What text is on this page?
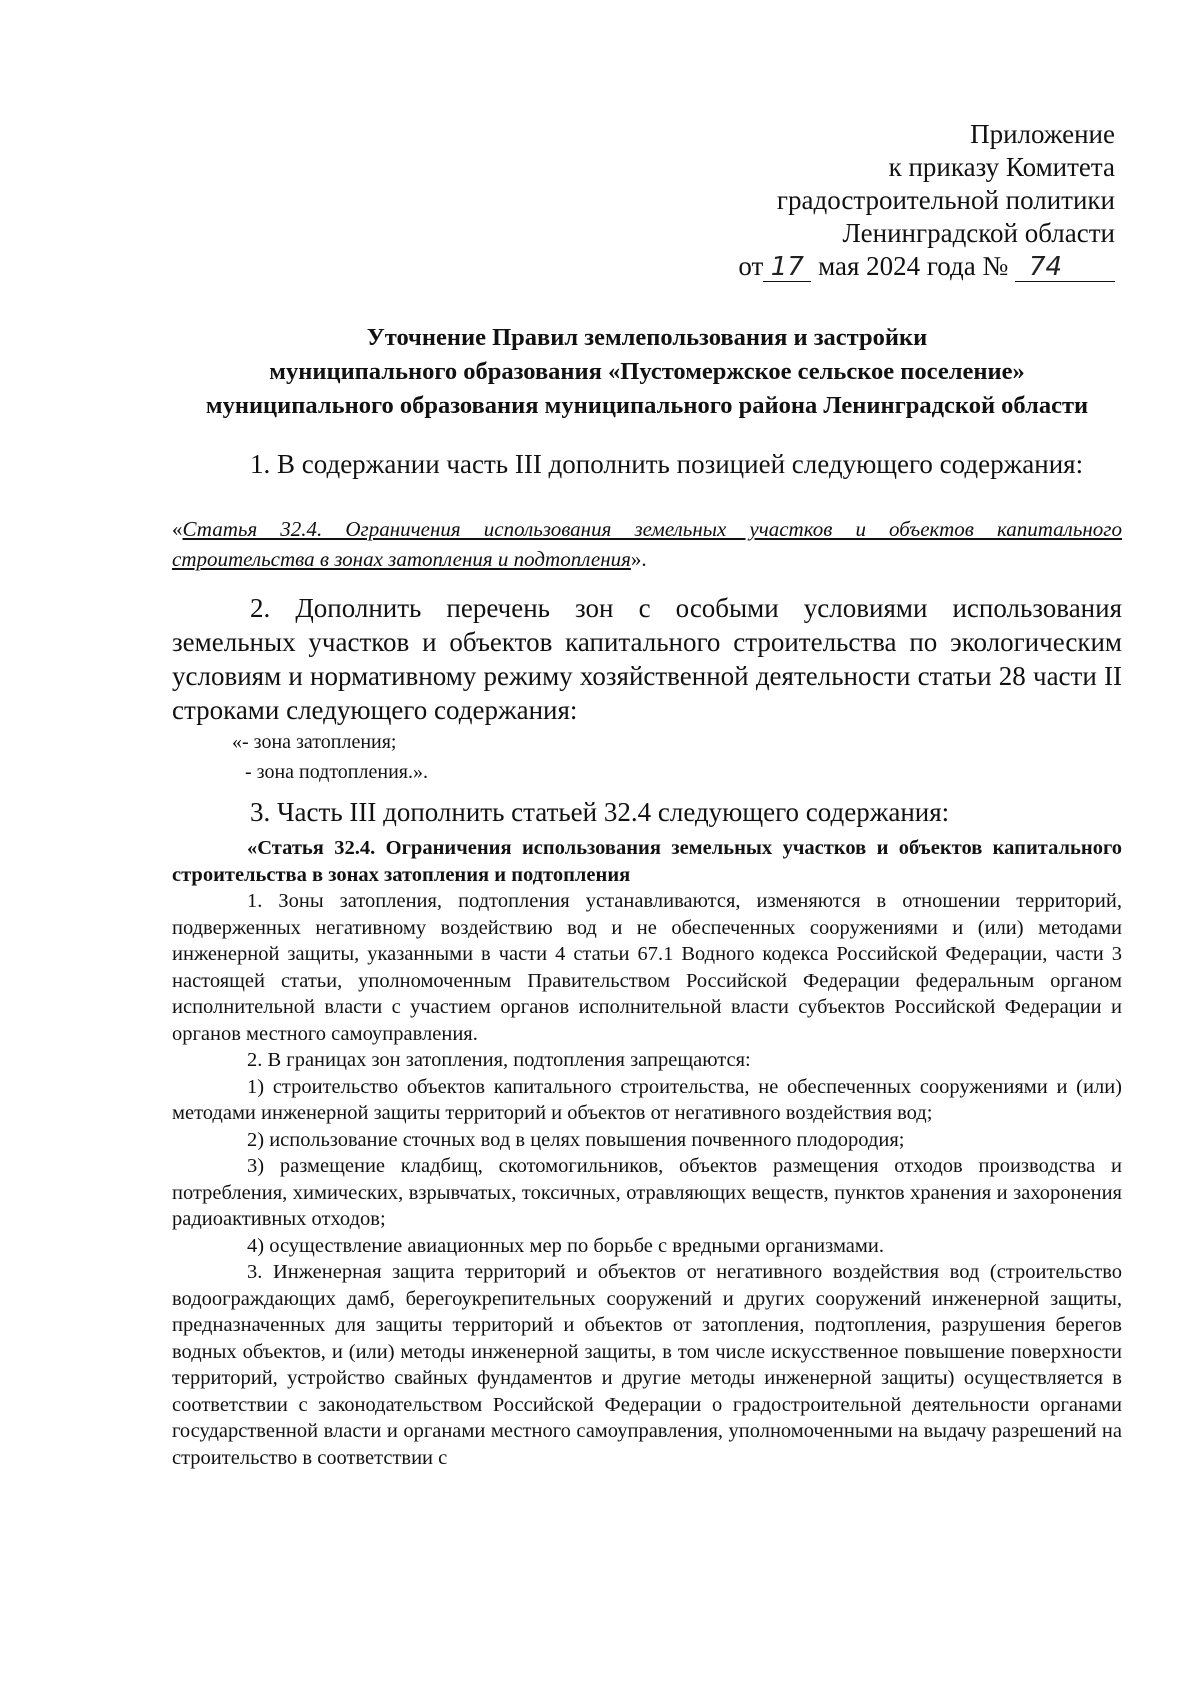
Приложение
к приказу Комитета
градостроительной политики
Ленинградской области
от 17 мая 2024 года № 74
Уточнение Правил землепользования и застройки
муниципального образования «Пустомержское сельское поселение»
муниципального образования муниципального района Ленинградской области
1. В содержании часть III дополнить позицией следующего содержания:
«Статья 32.4. Ограничения использования земельных участков и объектов капитального строительства в зонах затопления и подтопления».
2. Дополнить перечень зон с особыми условиями использования земельных участков и объектов капитального строительства по экологическим условиям и нормативному режиму хозяйственной деятельности статьи 28 части II строками следующего содержания:
«- зона затопления;
- зона подтопления.».
3. Часть III дополнить статьей 32.4 следующего содержания:

«Статья 32.4. Ограничения использования земельных участков и объектов капитального строительства в зонах затопления и подтопления

1. Зоны затопления, подтопления устанавливаются, изменяются в отношении территорий, подверженных негативному воздействию вод и не обеспеченных сооружениями и (или) методами инженерной защиты, указанными в части 4 статьи 67.1 Водного кодекса Российской Федерации, части 3 настоящей статьи, уполномоченным Правительством Российской Федерации федеральным органом исполнительной власти с участием органов исполнительной власти субъектов Российской Федерации и органов местного самоуправления.

2. В границах зон затопления, подтопления запрещаются:

1) строительство объектов капитального строительства, не обеспеченных сооружениями и (или) методами инженерной защиты территорий и объектов от негативного воздействия вод;

2) использование сточных вод в целях повышения почвенного плодородия;

3) размещение кладбищ, скотомогильников, объектов размещения отходов производства и потребления, химических, взрывчатых, токсичных, отравляющих веществ, пунктов хранения и захоронения радиоактивных отходов;

4) осуществление авиационных мер по борьбе с вредными организмами.

3. Инженерная защита территорий и объектов от негативного воздействия вод (строительство водоограждающих дамб, берегоукрепительных сооружений и других сооружений инженерной защиты, предназначенных для защиты территорий и объектов от затопления, подтопления, разрушения берегов водных объектов, и (или) методы инженерной защиты, в том числе искусственное повышение поверхности территорий, устройство свайных фундаментов и другие методы инженерной защиты) осуществляется в соответствии с законодательством Российской Федерации о градостроительной деятельности органами государственной власти и органами местного самоуправления, уполномоченными на выдачу разрешений на строительство в соответствии с
